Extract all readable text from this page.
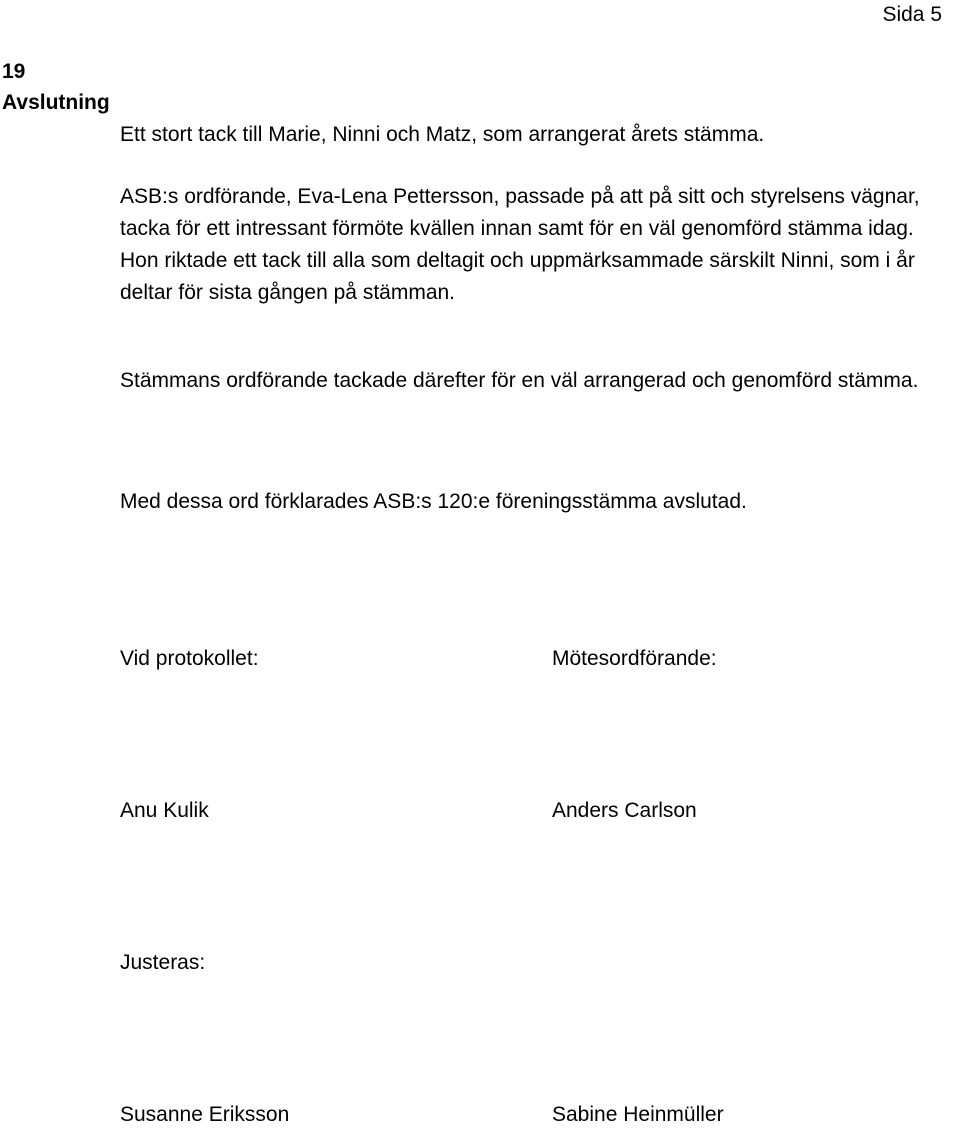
Sida 5
19
Avslutning
Ett stort tack till Marie, Ninni och Matz, som arrangerat årets stämma.
ASB:s ordförande, Eva-Lena Pettersson, passade på att på sitt och styrelsens vägnar, tacka för ett intressant förmöte kvällen innan samt för en väl genomförd stämma idag. Hon riktade ett tack till alla som deltagit och uppmärksammade särskilt Ninni, som i år deltar för sista gången på stämman.
Stämmans ordförande tackade därefter för en väl arrangerad och genomförd stämma.
Med dessa ord förklarades ASB:s 120:e föreningsstämma avslutad.
Vid protokollet:	Mötesordförande:
Anu Kulik	Anders Carlson
Justeras:
Susanne Eriksson	Sabine Heinmüller
